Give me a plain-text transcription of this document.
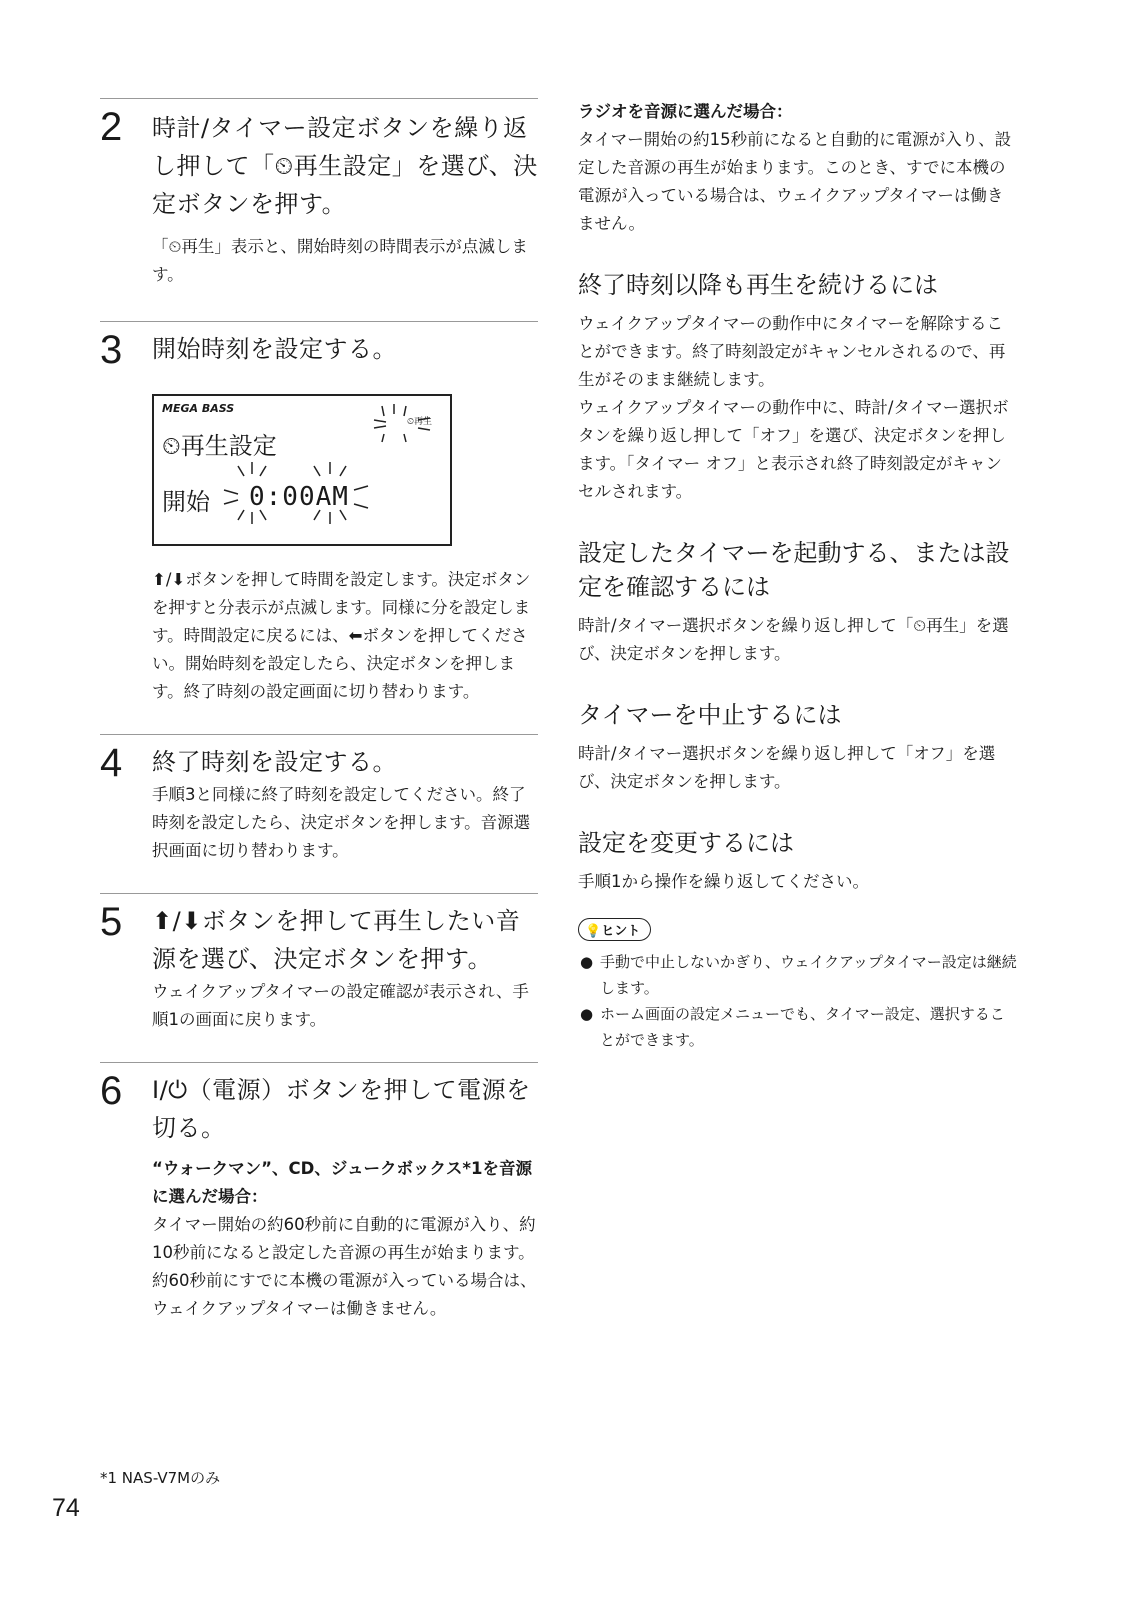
2 時計/タイマー設定ボタンを繰り返し押して「⏲再生設定」を選び、決定ボタンを押す。

「⏲再生」表示と、開始時刻の時間表示が点滅します。

3 開始時刻を設定する。
MEGA BASS
⏲再生
⏲再生設定
開始 0:00AM

⬆/⬇ボタンを押して時間を設定します。決定ボタンを押すと分表示が点滅します。同様に分を設定します。時間設定に戻るには、⬅ボタンを押してください。開始時刻を設定したら、決定ボタンを押します。終了時刻の設定画面に切り替わります。

4 終了時刻を設定する。

手順3と同様に終了時刻を設定してください。終了時刻を設定したら、決定ボタンを押します。音源選択画面に切り替わります。

5 ⬆/⬇ボタンを押して再生したい音源を選び、決定ボタンを押す。

ウェイクアップタイマーの設定確認が表示され、手順1の画面に戻ります。

6 I/⏻（電源）ボタンを押して電源を切る。

“ウォークマン”、CD、ジュークボックス*1を音源に選んだ場合：

タイマー開始の約60秒前に自動的に電源が入り、約10秒前になると設定した音源の再生が始まります。約60秒前にすでに本機の電源が入っている場合は、ウェイクアップタイマーは働きません。

ラジオを音源に選んだ場合：

タイマー開始の約15秒前になると自動的に電源が入り、設定した音源の再生が始まります。このとき、すでに本機の電源が入っている場合は、ウェイクアップタイマーは働きません。

終了時刻以降も再生を続けるには

ウェイクアップタイマーの動作中にタイマーを解除することができます。終了時刻設定がキャンセルされるので、再生がそのまま継続します。

ウェイクアップタイマーの動作中に、時計/タイマー選択ボタンを繰り返し押して「オフ」を選び、決定ボタンを押します。「タイマー オフ」と表示され終了時刻設定がキャンセルされます。

設定したタイマーを起動する、または設定を確認するには

時計/タイマー選択ボタンを繰り返し押して「⏲再生」を選び、決定ボタンを押します。

タイマーを中止するには

時計/タイマー選択ボタンを繰り返し押して「オフ」を選び、決定ボタンを押します。

設定を変更するには

手順1から操作を繰り返してください。

💡ヒント
● 手動で中止しないかぎり、ウェイクアップタイマー設定は継続します。
● ホーム画面の設定メニューでも、タイマー設定、選択することができます。
*1 NAS-V7Mのみ
74
